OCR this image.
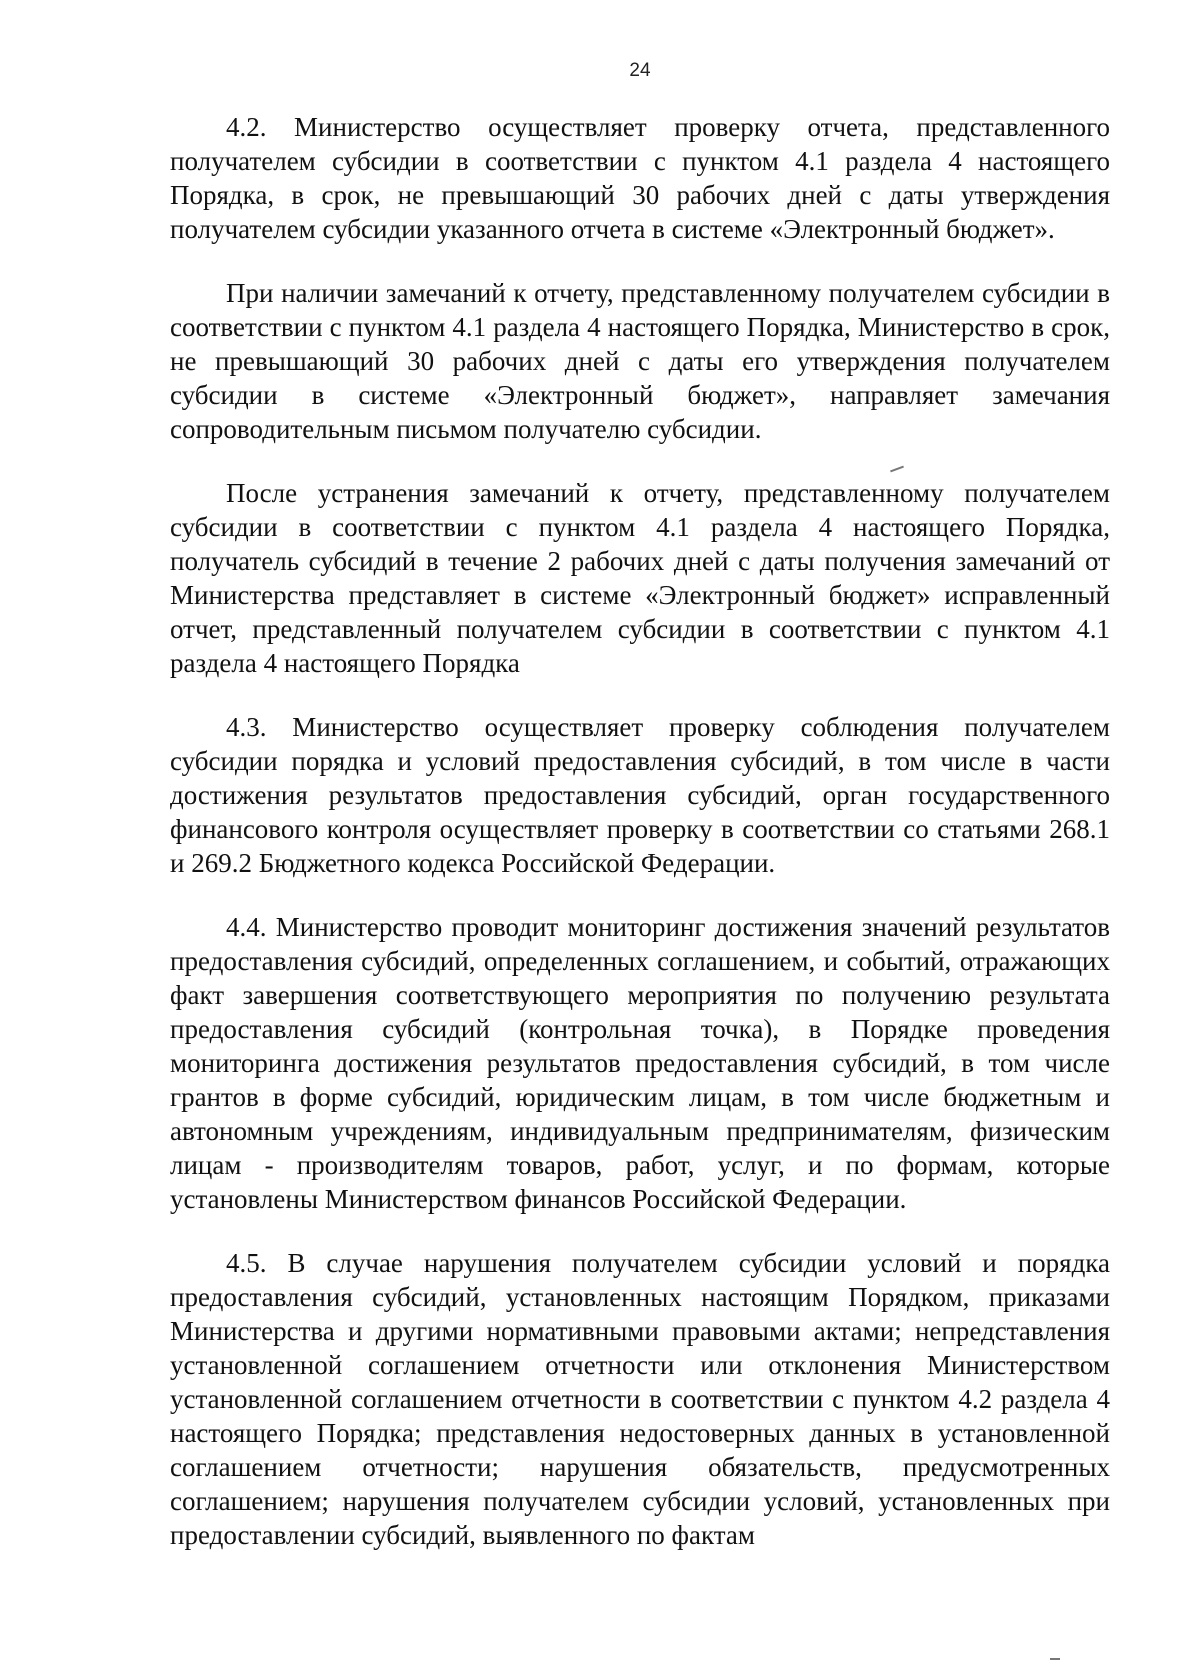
24

4.2. Министерство осуществляет проверку отчета, представленного получателем субсидии в соответствии с пунктом 4.1 раздела 4 настоящего Порядка, в срок, не превышающий 30 рабочих дней с даты утверждения получателем субсидии указанного отчета в системе «Электронный бюджет».

При наличии замечаний к отчету, представленному получателем субсидии в соответствии с пунктом 4.1 раздела 4 настоящего Порядка, Министерство в срок, не превышающий 30 рабочих дней с даты его утверждения получателем субсидии в системе «Электронный бюджет», направляет замечания сопроводительным письмом получателю субсидии.

После устранения замечаний к отчету, представленному получателем субсидии в соответствии с пунктом 4.1 раздела 4 настоящего Порядка, получатель субсидий в течение 2 рабочих дней с даты получения замечаний от Министерства представляет в системе «Электронный бюджет» исправленный отчет, представленный получателем субсидии в соответствии с пунктом 4.1 раздела 4 настоящего Порядка

4.3. Министерство осуществляет проверку соблюдения получателем субсидии порядка и условий предоставления субсидий, в том числе в части достижения результатов предоставления субсидий, орган государственного финансового контроля осуществляет проверку в соответствии со статьями 268.1 и 269.2 Бюджетного кодекса Российской Федерации.

4.4. Министерство проводит мониторинг достижения значений результатов предоставления субсидий, определенных соглашением, и событий, отражающих факт завершения соответствующего мероприятия по получению результата предоставления субсидий (контрольная точка), в Порядке проведения мониторинга достижения результатов предоставления субсидий, в том числе грантов в форме субсидий, юридическим лицам, в том числе бюджетным и автономным учреждениям, индивидуальным предпринимателям, физическим лицам - производителям товаров, работ, услуг, и по формам, которые установлены Министерством финансов Российской Федерации.

4.5. В случае нарушения получателем субсидии условий и порядка предоставления субсидий, установленных настоящим Порядком, приказами Министерства и другими нормативными правовыми актами; непредставления установленной соглашением отчетности или отклонения Министерством установленной соглашением отчетности в соответствии с пунктом 4.2 раздела 4 настоящего Порядка; представления недостоверных данных в установленной соглашением отчетности; нарушения обязательств, предусмотренных соглашением; нарушения получателем субсидии условий, установленных при предоставлении субсидий, выявленного по фактам
